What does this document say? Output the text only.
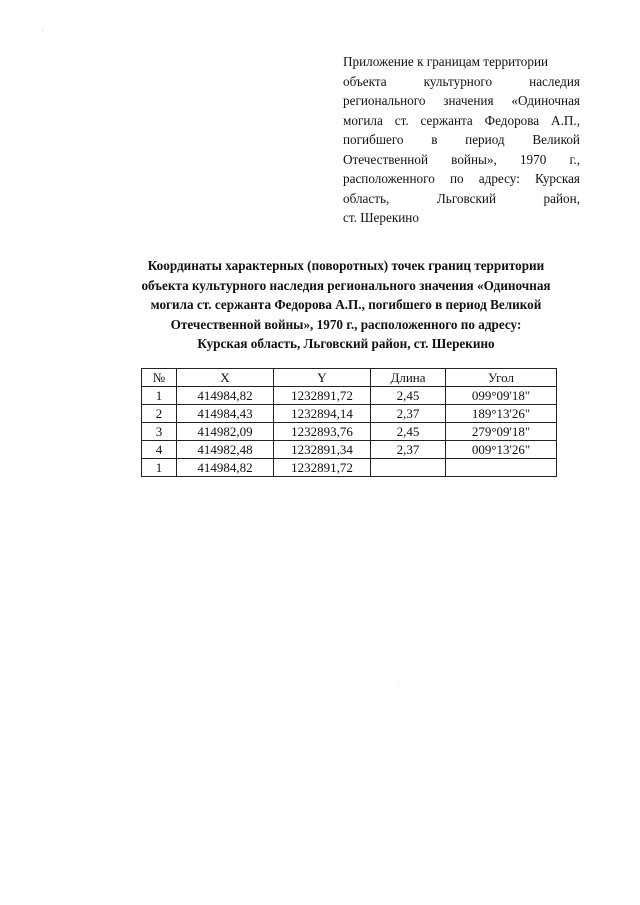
Приложение к границам территории
объекта культурного наследия
регионального значения «Одиночная
могила ст. сержанта Федорова А.П.,
погибшего в период Великой
Отечественной войны», 1970 г.,
расположенного по адресу: Курская
область, Льговский район,
ст. Шерекино
Координаты характерных (поворотных) точек границ территории
объекта культурного наследия регионального значения «Одиночная
могила ст. сержанта Федорова А.П., погибшего в период Великой
Отечественной войны», 1970 г., расположенного по адресу:
Курская область, Льговский район, ст. Шерекино
№	X	Y	Длина	Угол
1	414984,82	1232891,72	2,45	099°09'18"
2	414984,43	1232894,14	2,37	189°13'26"
3	414982,09	1232893,76	2,45	279°09'18"
4	414982,48	1232891,34	2,37	009°13'26"
1	414984,82	1232891,72		
